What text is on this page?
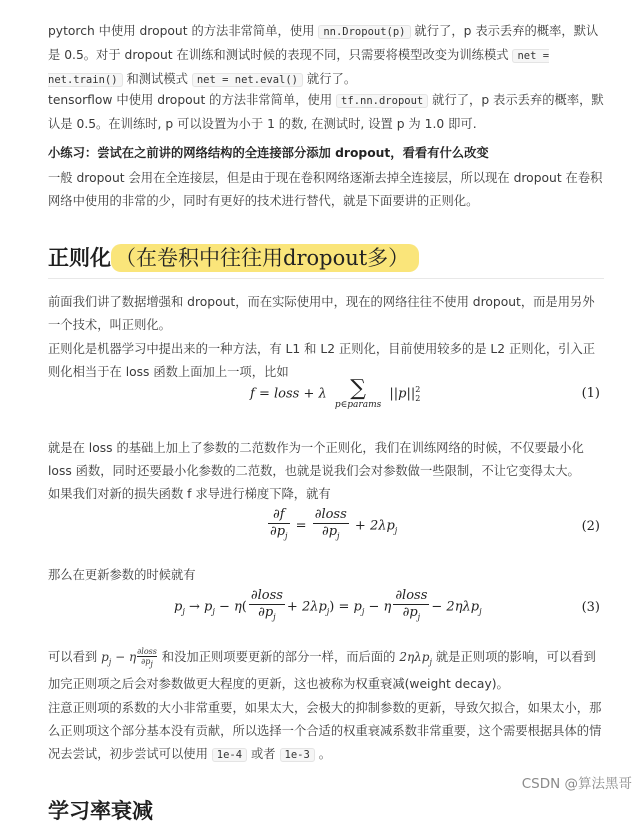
pytorch 中使用 dropout 的方法非常简单，使用 nn.Dropout(p) 就行了，p 表示丢弃的概率，默认是 0.5。对于 dropout 在训练和测试时候的表现不同，只需要将模型改变为训练模式 net = net.train() 和测试模式 net = net.eval() 就行了。

tensorflow 中使用 dropout 的方法非常简单，使用 tf.nn.dropout 就行了，p 表示丢弃的概率，默认是 0.5。在训练时, p 可以设置为小于 1 的数, 在测试时, 设置 p 为 1.0 即可.

小练习：尝试在之前讲的网络结构的全连接部分添加 dropout，看看有什么改变

一般 dropout 会用在全连接层，但是由于现在卷积网络逐渐去掉全连接层，所以现在 dropout 在卷积网络中使用的非常的少，同时有更好的技术进行替代，就是下面要讲的正则化。

正则化 （在卷积中往往用dropout多）

前面我们讲了数据增强和 dropout，而在实际使用中，现在的网络往往不使用 dropout，而是用另外一个技术，叫正则化。

正则化是机器学习中提出来的一种方法，有 L1 和 L2 正则化，目前使用较多的是 L2 正则化，引入正则化相当于在 loss 函数上面加上一项，比如

f = loss + λ ∑
p∈params
||p|| 2
2	(1)

就是在 loss 的基础上加上了参数的二范数作为一个正则化，我们在训练网络的时候，不仅要最小化 loss 函数，同时还要最小化参数的二范数，也就是说我们会对参数做一些限制，不让它变得太大。

如果我们对新的损失函数 f 求导进行梯度下降，就有

$\frac{\partial f}{\partial p_j} = \frac{\text{∂loss}}{\partial p_j} + 2\lambda p_j$	(2)

那么在更新参数的时候就有

$p_j \to p_j - \eta( \frac{\text{∂loss}}{\partial p_j} + 2\lambda p_j) = p_j - \eta \frac{\text{∂loss}}{\partial p_j} - 2\eta\lambda p_j$	(3)

可以看到 $p_j - \eta \frac{\text{∂loss}}{\partial p_j}$ 和没加正则项要更新的部分一样，而后面的 2ηλp$_j$ 就是正则项的影响，可以看到加完正则项之后会对参数做更大程度的更新，这也被称为权重衰减(weight decay)。

注意正则项的系数的大小非常重要，如果太大，会极大的抑制参数的更新，导致欠拟合，如果太小，那么正则项这个部分基本没有贡献，所以选择一个合适的权重衰减系数非常重要，这个需要根据具体的情况去尝试，初步尝试可以使用 1e-4 或者 1e-3 。

学习率衰减
CSDN @算法黑哥
